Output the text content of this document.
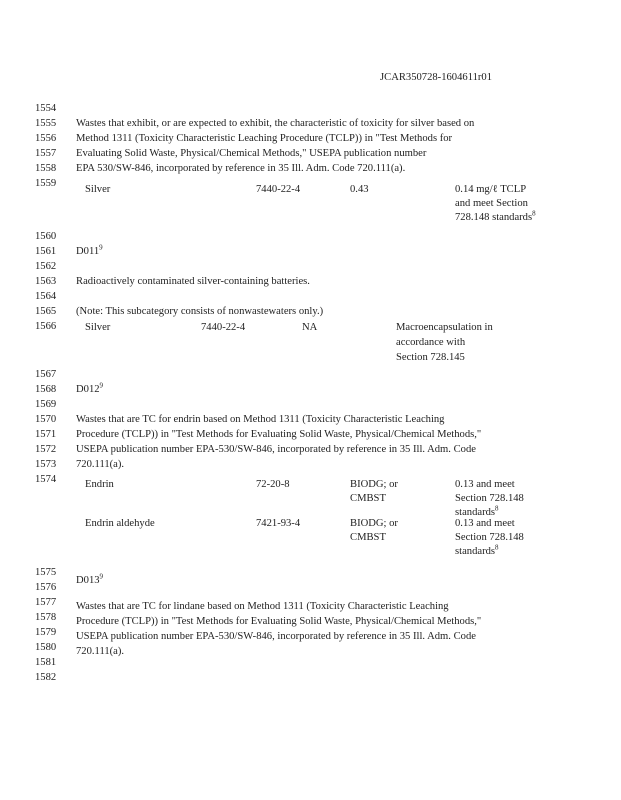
JCAR350728-1604611r01
1554
1555
1556
1557
1558
1559
1560
1561
1562
1563
1564
1565
1566
1567
1568
1569
1570
1571
1572
1573
1574
1575
1576
1577
1578
1579
1580
1581
1582
Wastes that exhibit, or are expected to exhibit, the characteristic of toxicity for silver based on
Method 1311 (Toxicity Characteristic Leaching Procedure (TCLP)) in "Test Methods for
Evaluating Solid Waste, Physical/Chemical Methods," USEPA publication number
EPA 530/SW-846, incorporated by reference in 35 Ill. Adm. Code 720.111(a).
Silver	7440-22-4	0.43	0.14 mg/ℓ TCLP
and meet Section
728.148 standards$^8$
$D011^9$
Radioactively contaminated silver-containing batteries.
(Note: This subcategory consists of nonwastewaters only.)
Silver	7440-22-4	NA	Macroencapsulation in
accordance with
Section 728.145
$D012^9$
Wastes that are TC for endrin based on Method 1311 (Toxicity Characteristic Leaching
Procedure (TCLP)) in "Test Methods for Evaluating Solid Waste, Physical/Chemical Methods,"
USEPA publication number EPA-530/SW-846, incorporated by reference in 35 Ill. Adm. Code
720.111(a).
Endrin	72-20-8	BIODG; or
CMBST
0.13 and meet
Section 728.148
standards$^8$
Endrin aldehyde	7421-93-4	BIODG; or
CMBST
0.13 and meet
Section 728.148
standards$^8$
$D013^9$
Wastes that are TC for lindane based on Method 1311 (Toxicity Characteristic Leaching
Procedure (TCLP)) in "Test Methods for Evaluating Solid Waste, Physical/Chemical Methods,"
USEPA publication number EPA-530/SW-846, incorporated by reference in 35 Ill. Adm. Code
720.111(a).
